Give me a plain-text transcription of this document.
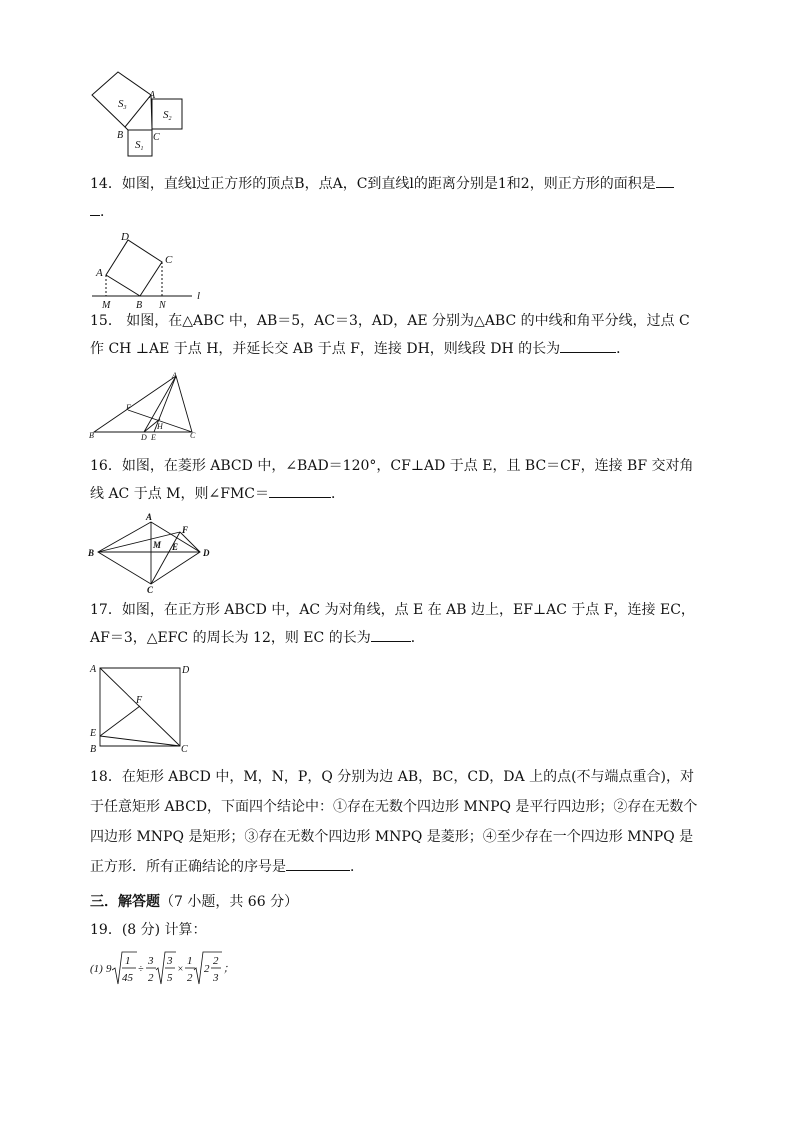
S3
S2
S1
A
B	C
14．如图，直线l过正方形的顶点B，点A，C到直线l的距离分别是1和2，则正方形的面积是
．
D
A
C
M	B N
l
15． 如图，在△ABC 中，AB＝5，AC＝3，AD，AE 分别为△ABC 的中线和角平分线，过点 C 作 CH ⊥AE 于点 H，并延长交 AB 于点 F，连接 DH，则线段 DH 的长为	．
A
F
H
B	D E	C
16．如图，在菱形 ABCD 中，∠BAD＝120°，CF⊥AD 于点 E，且 BC＝CF，连接 BF 交对角线 AC 于点 M，则∠FMC＝	．
A
F
M E
B	D
C
17．如图，在正方形 ABCD 中，AC 为对角线，点 E 在 AB 边上，EF⊥AC 于点 F，连接 EC，AF＝3，△EFC 的周长为 12，则 EC 的长为	．
A	D
F
E
B	C
18．在矩形 ABCD 中，M，N，P，Q 分别为边 AB，BC，CD，DA 上的点(不与端点重合)，对于任意矩形 ABCD，下面四个结论中：①存在无数个四边形 MNPQ 是平行四边形；②存在无数个四边形 MNPQ 是矩形；③存在无数个四边形 MNPQ 是菱形；④至少存在一个四边形 MNPQ 是正方形．所有正确结论的序号是	．
三．解答题（7 小题，共 66 分）
19．(8 分) 计算：
(1) 9
1
45
÷
3
2
3
5
×
1
2
2
2
3
；
